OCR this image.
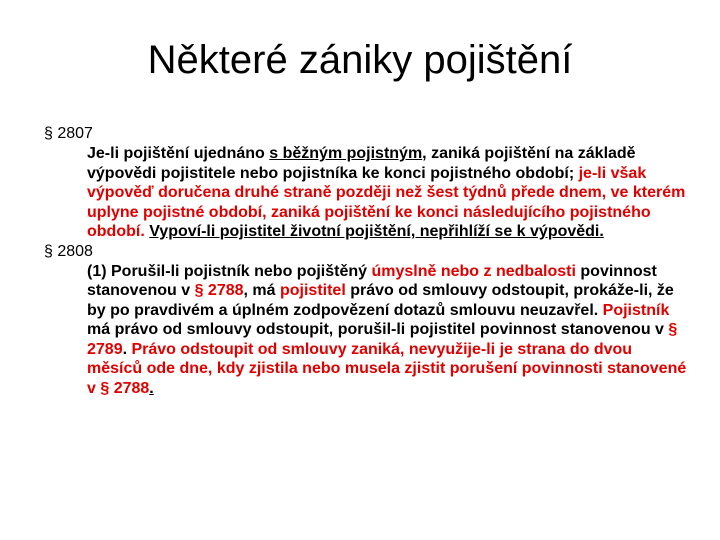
Některé zániky pojištění

§ 2807

Je-li pojištění ujednáno s běžným pojistným, zaniká pojištění na základě výpovědi pojistitele nebo pojistníka ke konci pojistného období; je-li však výpověď doručena druhé straně později než šest týdnů přede dnem, ve kterém uplyne pojistné období, zaniká pojištění ke konci následujícího pojistného období. Vypoví-li pojistitel životní pojištění, nepřihlíží se k výpovědi.

§ 2808

(1) Porušil-li pojistník nebo pojištěný úmyslně nebo z nedbalosti povinnost stanovenou v § 2788, má pojistitel právo od smlouvy odstoupit, prokáže-li, že by po pravdivém a úplném zodpovězení dotazů smlouvu neuzavřel. Pojistník má právo od smlouvy odstoupit, porušil-li pojistitel povinnost stanovenou v § 2789. Právo odstoupit od smlouvy zaniká, nevyužije-li je strana do dvou měsíců ode dne, kdy zjistila nebo musela zjistit porušení povinnosti stanovené v § 2788.
